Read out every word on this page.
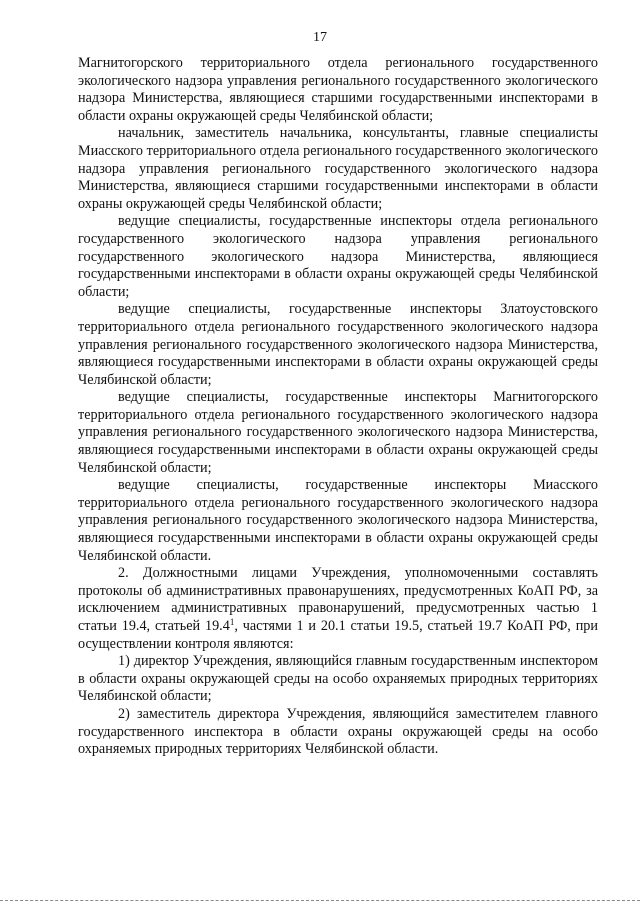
17

Магнитогорского территориального отдела регионального государственного экологического надзора управления регионального государственного экологического надзора Министерства, являющиеся старшими государственными инспекторами в области охраны окружающей среды Челябинской области;

начальник, заместитель начальника, консультанты, главные специалисты Миасского территориального отдела регионального государственного экологического надзора управления регионального государственного экологического надзора Министерства, являющиеся старшими государственными инспекторами в области охраны окружающей среды Челябинской области;

ведущие специалисты, государственные инспекторы отдела регионального государственного экологического надзора управления регионального государственного экологического надзора Министерства, являющиеся государственными инспекторами в области охраны окружающей среды Челябинской области;

ведущие специалисты, государственные инспекторы Златоустовского территориального отдела регионального государственного экологического надзора управления регионального государственного экологического надзора Министерства, являющиеся государственными инспекторами в области охраны окружающей среды Челябинской области;

ведущие специалисты, государственные инспекторы Магнитогорского территориального отдела регионального государственного экологического надзора управления регионального государственного экологического надзора Министерства, являющиеся государственными инспекторами в области охраны окружающей среды Челябинской области;

ведущие специалисты, государственные инспекторы Миасского территориального отдела регионального государственного экологического надзора управления регионального государственного экологического надзора Министерства, являющиеся государственными инспекторами в области охраны окружающей среды Челябинской области.

2. Должностными лицами Учреждения, уполномоченными составлять протоколы об административных правонарушениях, предусмотренных КоАП РФ, за исключением административных правонарушений, предусмотренных частью 1 статьи 19.4, статьей 19.4$^1$, частями 1 и 20.1 статьи 19.5, статьей 19.7 КоАП РФ, при осуществлении контроля являются:

1) директор Учреждения, являющийся главным государственным инспектором в области охраны окружающей среды на особо охраняемых природных территориях Челябинской области;

2) заместитель директора Учреждения, являющийся заместителем главного государственного инспектора в области охраны окружающей среды на особо охраняемых природных территориях Челябинской области.
